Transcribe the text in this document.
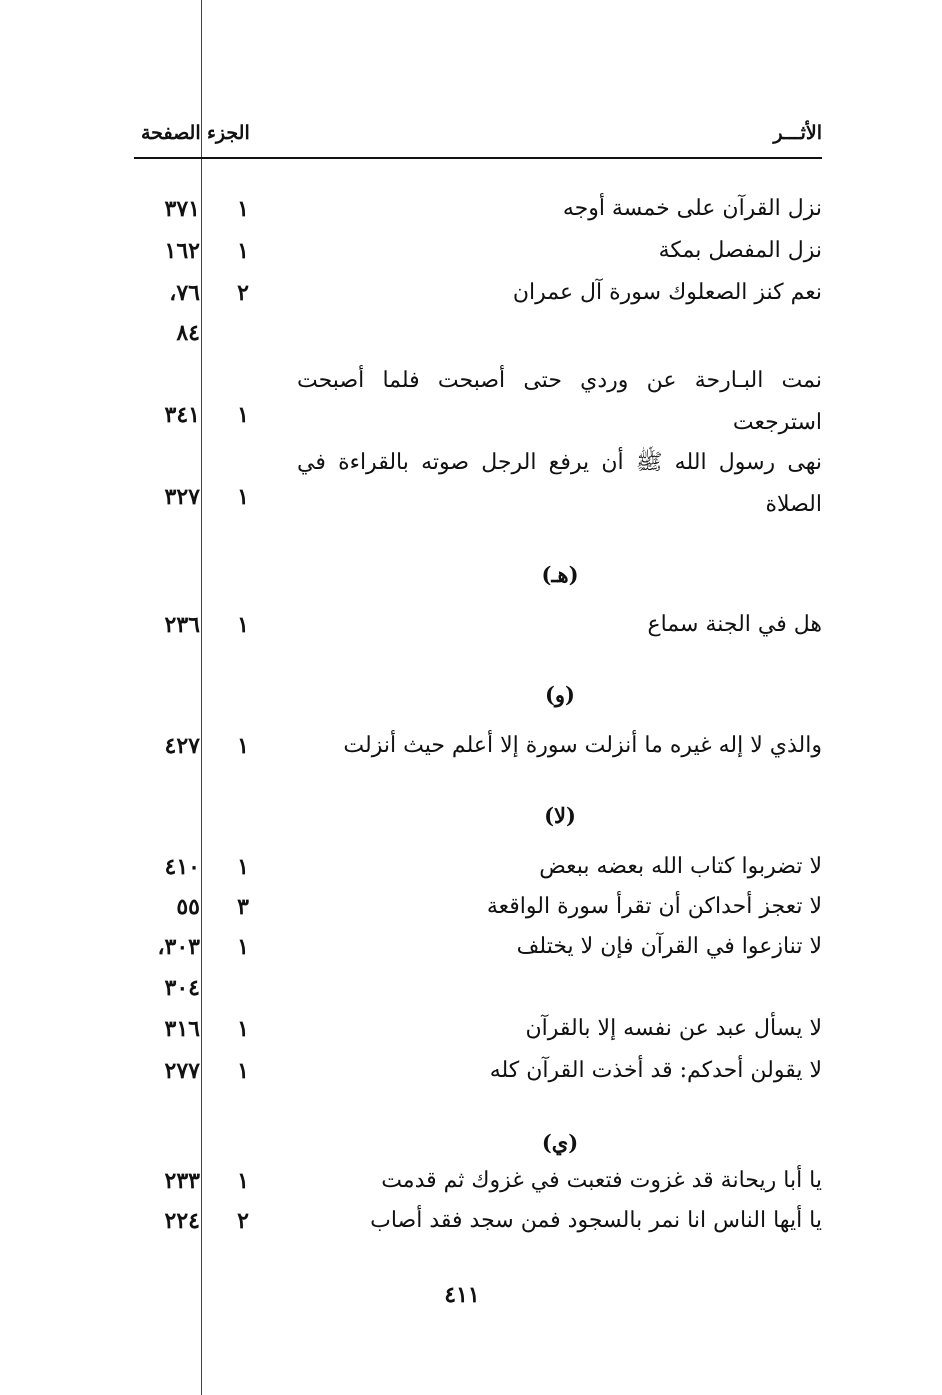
الأثـــر
الجزء
الصفحة
نزل القرآن على خمسة أوجه
١
٣٧١
نزل المفصل بمكة
١
١٦٢
نعم كنز الصعلوك سورة آل عمران
٢
٧٦،
٨٤
نمت البـارحة عن وردي حتى أصبحت فلما أصبحت استرجعت
١
٣٤١
نهى رسول الله ﷺ أن يرفع الرجل صوته بالقراءة في الصلاة
١
٣٢٧
(هـ)
هل في الجنة سماع
١
٢٣٦
(و)
والذي لا إله غيره ما أنزلت سورة إلا أعلم حيث أنزلت
١
٤٢٧
(لا)
لا تضربوا كتاب الله بعضه ببعض
١
٤١٠
لا تعجز أحداكن أن تقرأ سورة الواقعة
٣
٥٥
لا تنازعوا في القرآن فإن لا يختلف
١
٣٠٣،
٣٠٤
لا يسأل عبد عن نفسه إلا بالقرآن
١
٣١٦
لا يقولن أحدكم: قد أخذت القرآن كله
١
٢٧٧
(ي)
يا أبا ريحانة قد غزوت فتعبت في غزوك ثم قدمت
١
٢٣٣
يا أيها الناس انا نمر بالسجود فمن سجد فقد أصاب
٢
٢٢٤
٤١١
